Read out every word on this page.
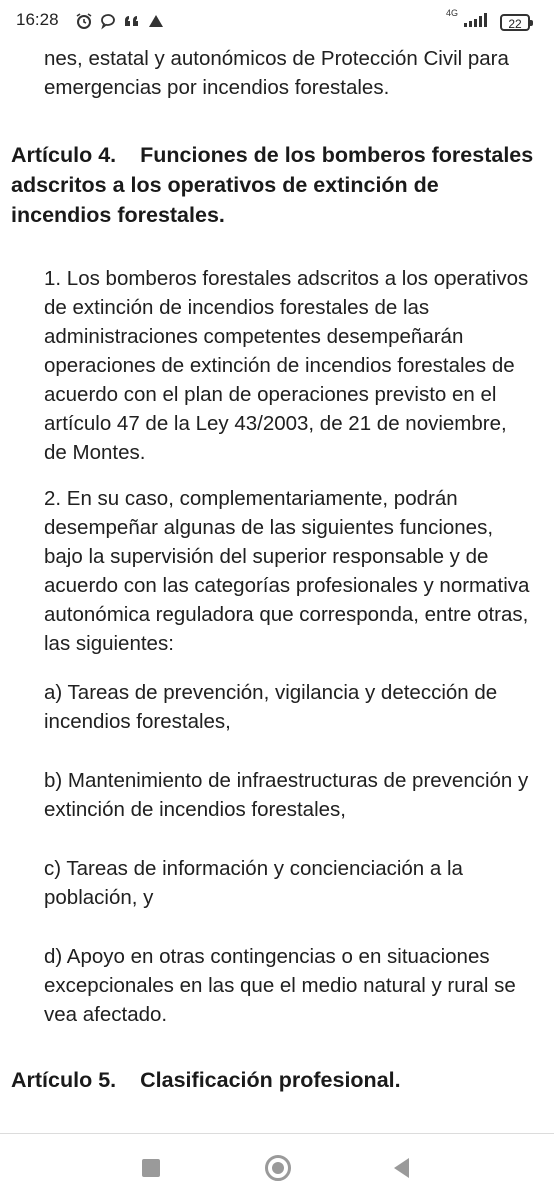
16:28	4G
22

nes, estatal y autonómicos de Protección Civil para emergencias por incendios forestales.

Artículo 4. Funciones de los bomberos forestales adscritos a los operativos de extinción de incendios forestales.

1. Los bomberos forestales adscritos a los operativos de extinción de incendios forestales de las administraciones competentes desempeñarán operaciones de extinción de incendios forestales de acuerdo con el plan de operaciones previsto en el artículo 47 de la Ley 43/2003, de 21 de noviembre, de Montes.

2. En su caso, complementariamente, podrán desempeñar algunas de las siguientes funciones, bajo la supervisión del superior responsable y de acuerdo con las categorías profesionales y normativa autonómica reguladora que corresponda, entre otras, las siguientes:

a) Tareas de prevención, vigilancia y detección de incendios forestales,

b) Mantenimiento de infraestructuras de prevención y extinción de incendios forestales,

c) Tareas de información y concienciación a la población, y

d) Apoyo en otras contingencias o en situaciones excepcionales en las que el medio natural y rural se vea afectado.

Artículo 5. Clasificación profesional.
